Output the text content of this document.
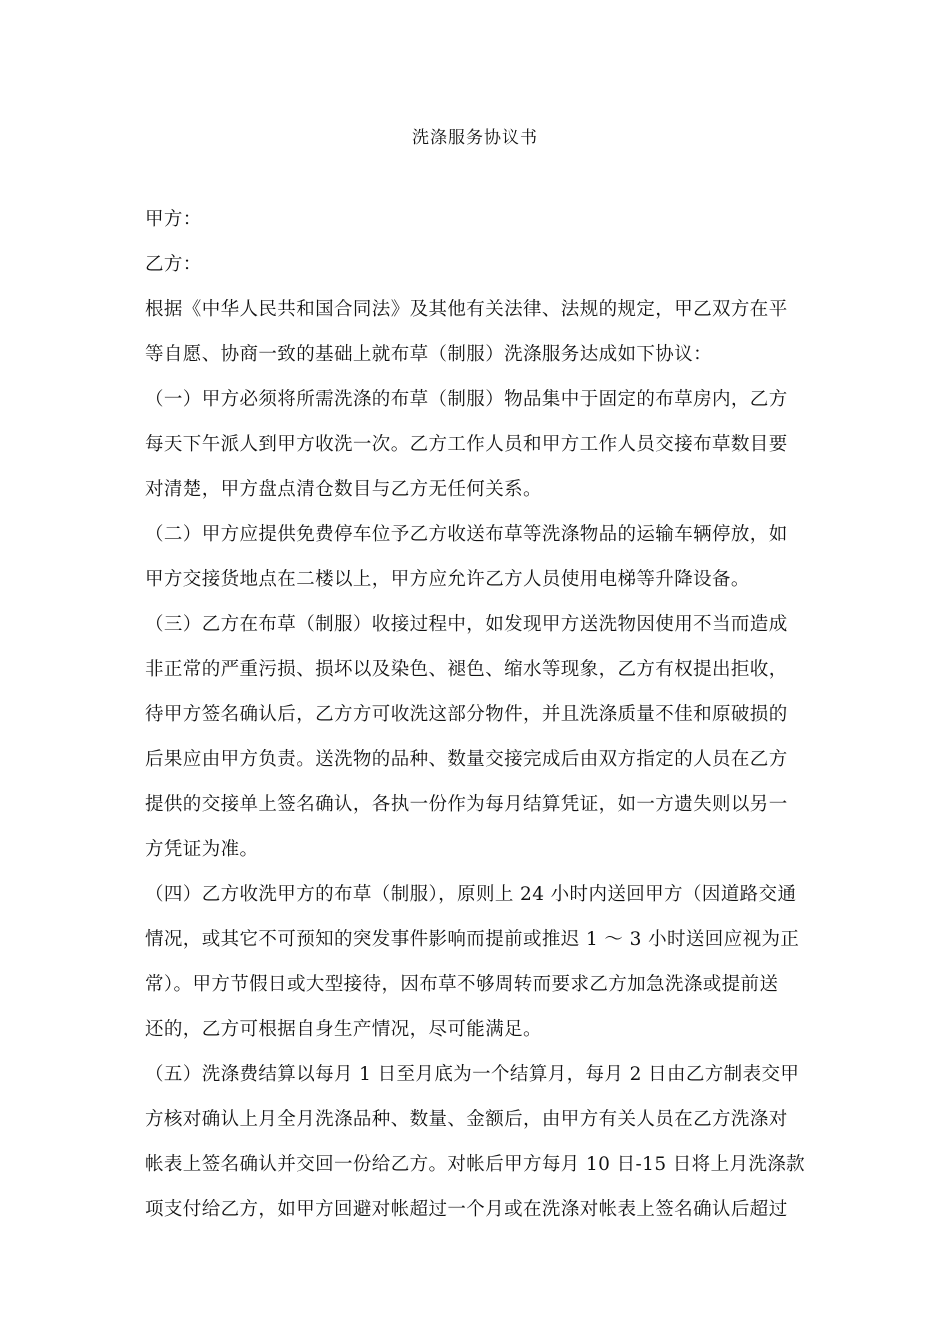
洗涤服务协议书
甲方：
乙方：
根据《中华人民共和国合同法》及其他有关法律、法规的规定，甲乙双方在平
等自愿、协商一致的基础上就布草（制服）洗涤服务达成如下协议：
（一）甲方必须将所需洗涤的布草（制服）物品集中于固定的布草房内，乙方
每天下午派人到甲方收洗一次。乙方工作人员和甲方工作人员交接布草数目要
对清楚，甲方盘点清仓数目与乙方无任何关系。
（二）甲方应提供免费停车位予乙方收送布草等洗涤物品的运输车辆停放，如
甲方交接货地点在二楼以上，甲方应允许乙方人员使用电梯等升降设备。
（三）乙方在布草（制服）收接过程中，如发现甲方送洗物因使用不当而造成
非正常的严重污损、损坏以及染色、褪色、缩水等现象，乙方有权提出拒收，
待甲方签名确认后，乙方方可收洗这部分物件，并且洗涤质量不佳和原破损的
后果应由甲方负责。送洗物的品种、数量交接完成后由双方指定的人员在乙方
提供的交接单上签名确认，各执一份作为每月结算凭证，如一方遗失则以另一
方凭证为准。
（四）乙方收洗甲方的布草（制服），原则上 24 小时内送回甲方（因道路交通
情况，或其它不可预知的突发事件影响而提前或推迟 1 ～ 3 小时送回应视为正
常）。甲方节假日或大型接待，因布草不够周转而要求乙方加急洗涤或提前送
还的，乙方可根据自身生产情况，尽可能满足。
（五）洗涤费结算以每月 1 日至月底为一个结算月，每月 2 日由乙方制表交甲
方核对确认上月全月洗涤品种、数量、金额后，由甲方有关人员在乙方洗涤对
帐表上签名确认并交回一份给乙方。对帐后甲方每月 10 日-15 日将上月洗涤款
项支付给乙方，如甲方回避对帐超过一个月或在洗涤对帐表上签名确认后超过
